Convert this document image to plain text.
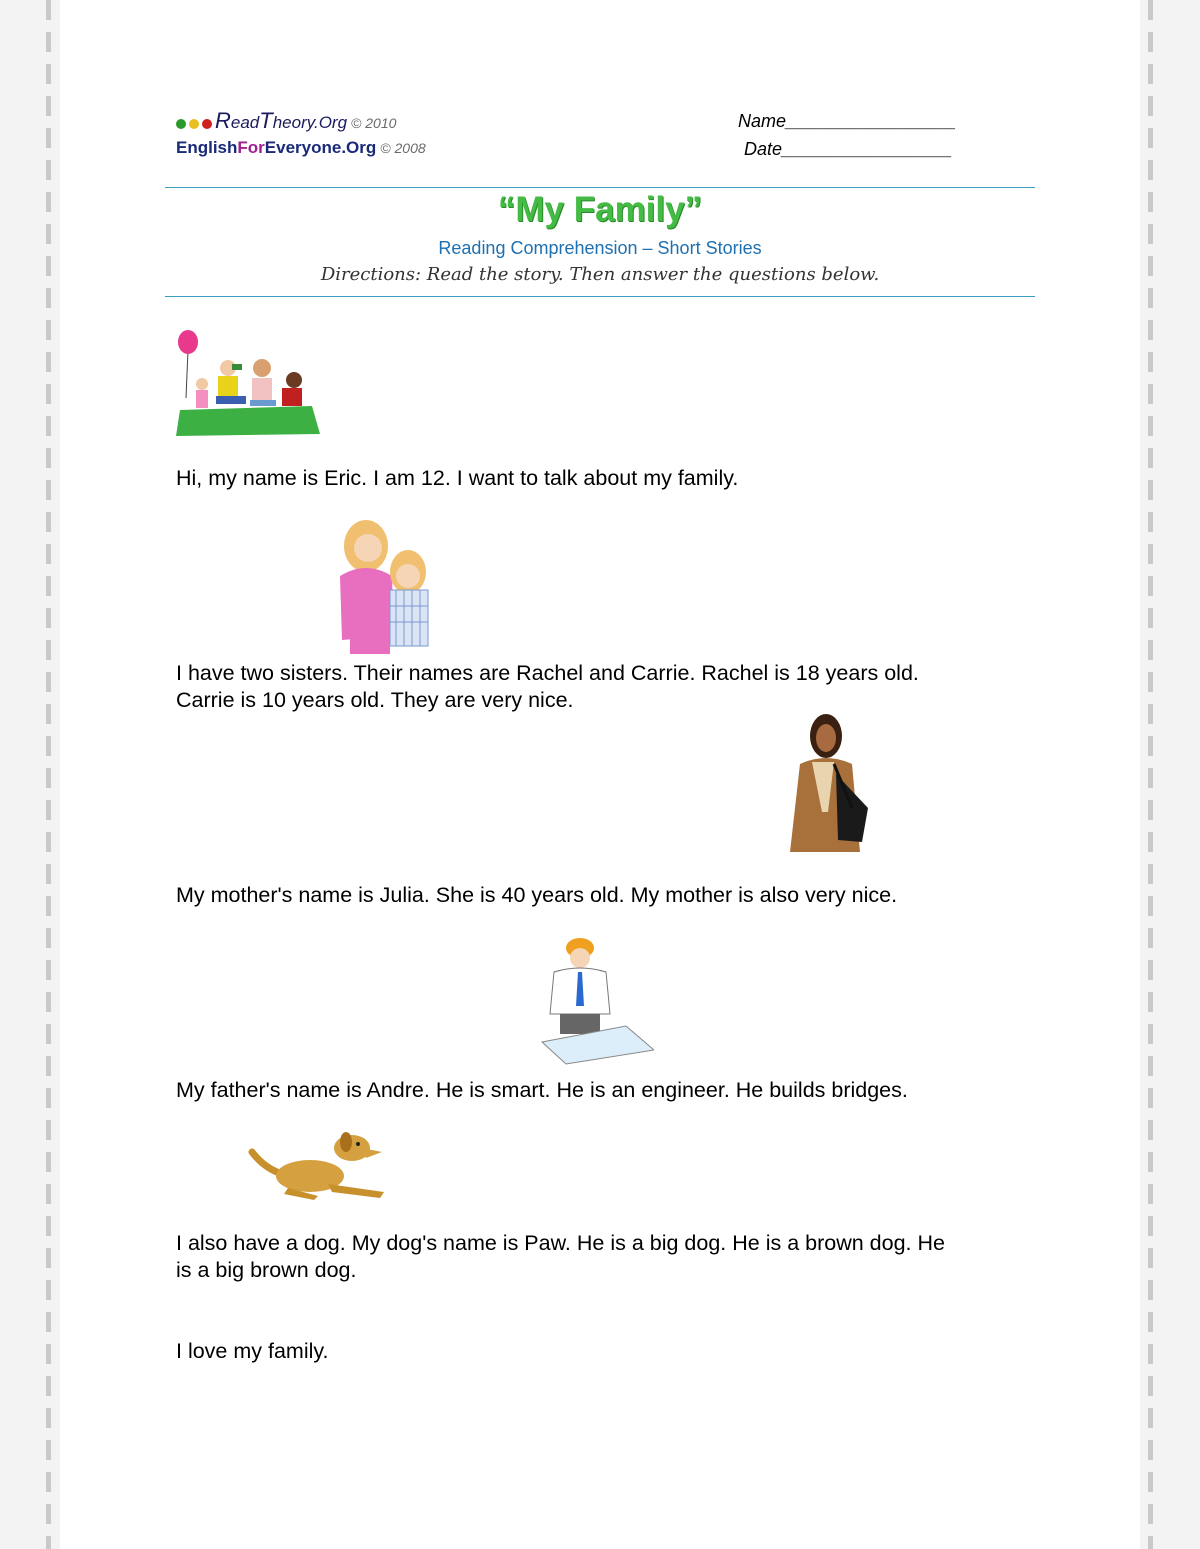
ReadTheory.Org © 2010
EnglishForEveryone.Org © 2008
Name_________________
Date_________________
“My Family”
Reading Comprehension – Short Stories
Directions: Read the story. Then answer the questions below.
Hi, my name is Eric. I am 12. I want to talk about my family.
I have two sisters. Their names are Rachel and Carrie. Rachel is 18 years old.
Carrie is 10 years old. They are very nice.
My mother's name is Julia. She is 40 years old. My mother is also very nice.
My father's name is Andre. He is smart. He is an engineer. He builds bridges.
I also have a dog. My dog's name is Paw. He is a big dog. He is a brown dog. He
is a big brown dog.
I love my family.
